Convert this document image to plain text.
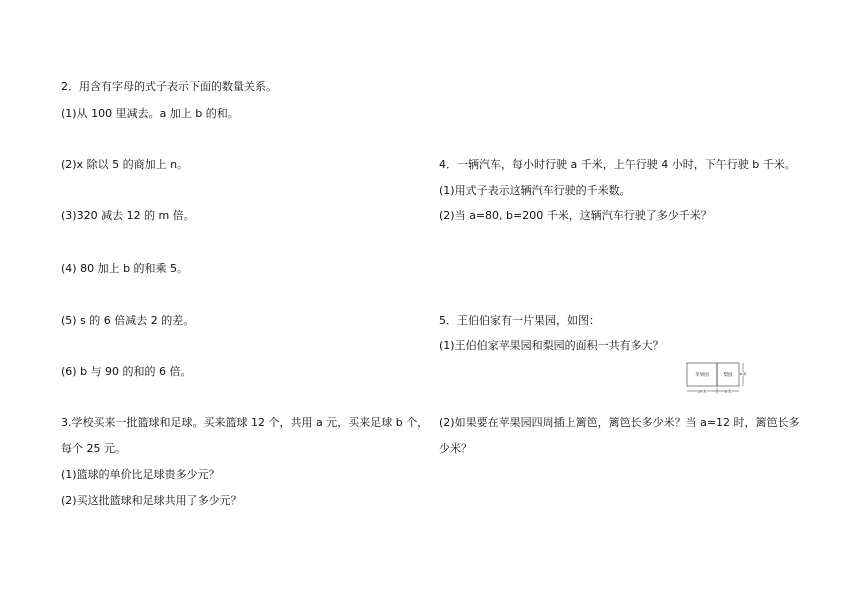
2．用含有字母的式子表示下面的数量关系。
(1)从 100 里减去。a 加上 b 的和。
(2)x 除以 5 的商加上 n。
(3)320 减去 12 的 m 倍。
(4) 80 加上 b 的和乘 5。
(5) s 的 6 倍减去 2 的差。
(6) b 与 90 的和的 6 倍。
3.学校买来一批篮球和足球。买来篮球 12 个，共用 a 元，买来足球 b 个，
每个 25 元。
(1)篮球的单价比足球贵多少元？
(2)买这批篮球和足球共用了多少元？
4．一辆汽车，每小时行驶 a 千米，上午行驶 4 小时，下午行驶 b 千米。
(1)用式子表示这辆汽车行驶的千米数。
(2)当 a=80, b=200 千米，这辆汽车行驶了多少千米？
5．王伯伯家有一片果园，如图：
(1)王伯伯家苹果园和梨园的面积一共有多大？
苹果园	梨园 a 米
30 米	8 米
(2)如果要在苹果园四周插上篱笆，篱笆长多少米？当 a=12 时，篱笆长多
少米？
